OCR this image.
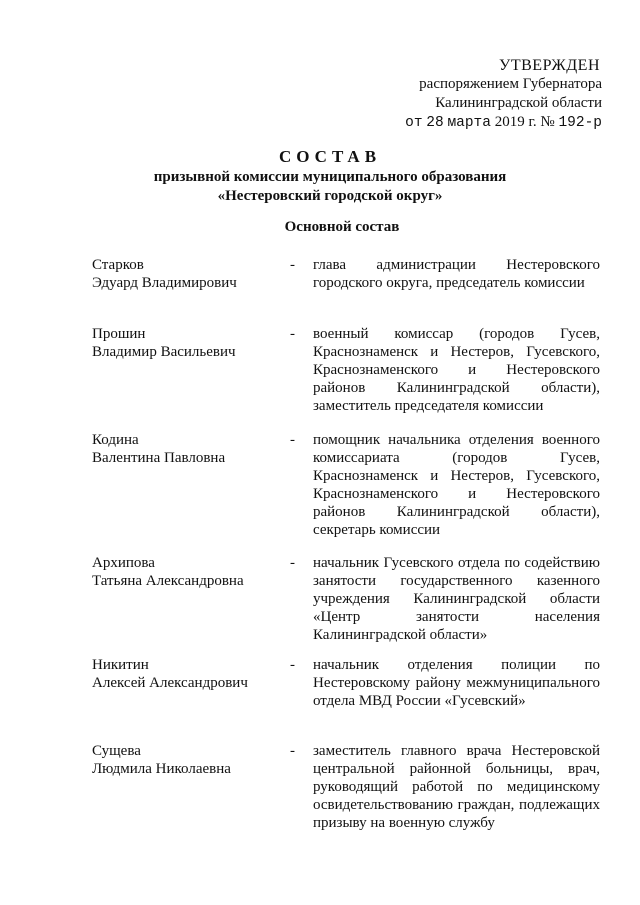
УТВЕРЖДЕН
распоряжением Губернатора
Калининградской области
от 28 марта 2019 г. № 192-р
СОСТАВ
призывной комиссии муниципального образования
«Нестеровский городской округ»
Основной состав
Старков
Эдуард Владимирович
- глава администрации Нестеровского городского округа, председатель комиссии
Прошин
Владимир Васильевич
- военный комиссар (городов Гусев, Краснознаменск и Нестеров, Гусевского, Краснознаменского и Нестеровского районов Калининградской области), заместитель председателя комиссии
Кодина
Валентина Павловна
- помощник начальника отделения военного комиссариата (городов Гусев, Краснознаменск и Нестеров, Гусевского, Краснознаменского и Нестеровского районов Калининградской области), секретарь комиссии
Архипова
Татьяна Александровна
- начальник Гусевского отдела по содействию занятости государственного казенного учреждения Калининградской области «Центр занятости населения Калининградской области»
Никитин
Алексей Александрович
- начальник отделения полиции по Нестеровскому району межмуниципального отдела МВД России «Гусевский»
Сущева
Людмила Николаевна
- заместитель главного врача Нестеровской центральной районной больницы, врач, руководящий работой по медицинскому освидетельствованию граждан, подлежащих призыву на военную службу
